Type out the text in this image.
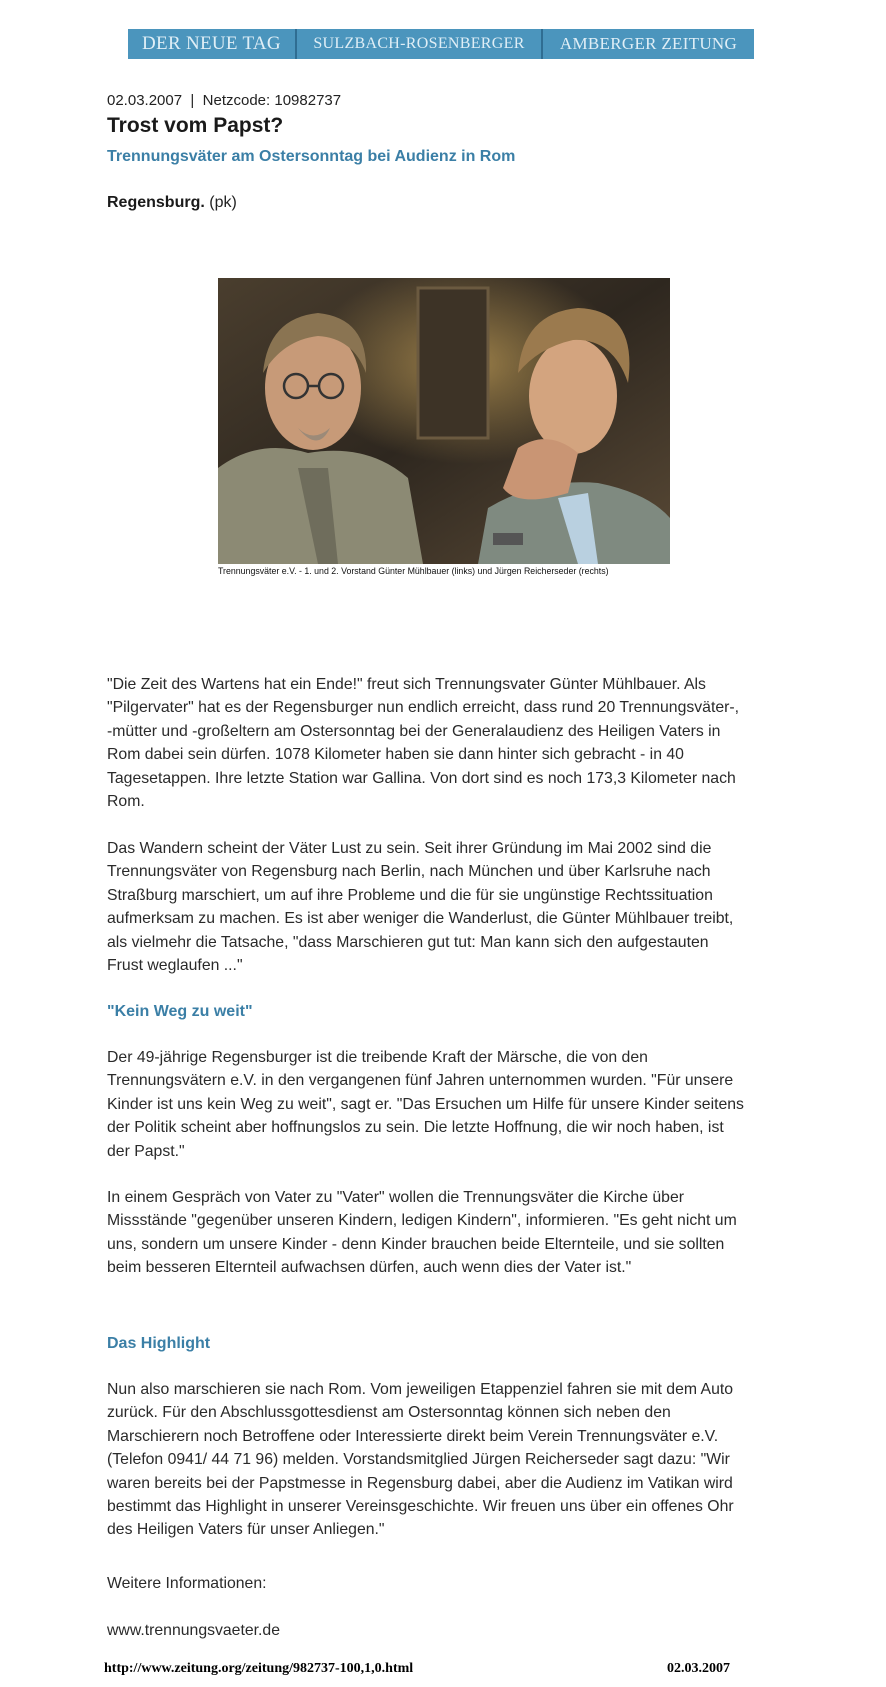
DER NEUE TAG	SULZBACH-ROSENBERGER	AMBERGER ZEITUNG
02.03.2007  |  Netzcode: 10982737
Trost vom Papst?
Trennungsväter am Ostersonntag bei Audienz in Rom
Regensburg. (pk)
Trennungsväter e.V. - 1. und 2. Vorstand Günter Mühlbauer (links) und Jürgen Reicherseder (rechts)

"Die Zeit des Wartens hat ein Ende!" freut sich Trennungsvater Günter Mühlbauer. Als "Pilgervater" hat es der Regensburger nun endlich erreicht, dass rund 20 Trennungsväter-, -mütter und -großeltern am Ostersonntag bei der Generalaudienz des Heiligen Vaters in Rom dabei sein dürfen. 1078 Kilometer haben sie dann hinter sich gebracht - in 40 Tagesetappen. Ihre letzte Station war Gallina. Von dort sind es noch 173,3 Kilometer nach Rom.

Das Wandern scheint der Väter Lust zu sein. Seit ihrer Gründung im Mai 2002 sind die Trennungsväter von Regensburg nach Berlin, nach München und über Karlsruhe nach Straßburg marschiert, um auf ihre Probleme und die für sie ungünstige Rechtssituation aufmerksam zu machen. Es ist aber weniger die Wanderlust, die Günter Mühlbauer treibt, als vielmehr die Tatsache, "dass Marschieren gut tut: Man kann sich den aufgestauten Frust weglaufen ..."

"Kein Weg zu weit"

Der 49-jährige Regensburger ist die treibende Kraft der Märsche, die von den Trennungsvätern e.V. in den vergangenen fünf Jahren unternommen wurden. "Für unsere Kinder ist uns kein Weg zu weit", sagt er. "Das Ersuchen um Hilfe für unsere Kinder seitens der Politik scheint aber hoffnungslos zu sein. Die letzte Hoffnung, die wir noch haben, ist der Papst."

In einem Gespräch von Vater zu "Vater" wollen die Trennungsväter die Kirche über Missstände "gegenüber unseren Kindern, ledigen Kindern", informieren. "Es geht nicht um uns, sondern um unsere Kinder - denn Kinder brauchen beide Elternteile, und sie sollten beim besseren Elternteil aufwachsen dürfen, auch wenn dies der Vater ist."

Das Highlight

Nun also marschieren sie nach Rom. Vom jeweiligen Etappenziel fahren sie mit dem Auto zurück. Für den Abschlussgottesdienst am Ostersonntag können sich neben den Marschierern noch Betroffene oder Interessierte direkt beim Verein Trennungsväter e.V. (Telefon 0941/ 44 71 96) melden. Vorstandsmitglied Jürgen Reicherseder sagt dazu: "Wir waren bereits bei der Papstmesse in Regensburg dabei, aber die Audienz im Vatikan wird bestimmt das Highlight in unserer Vereinsgeschichte. Wir freuen uns über ein offenes Ohr des Heiligen Vaters für unser Anliegen."

Weitere Informationen:

www.trennungsvaeter.de

http://www.zeitung.org/zeitung/982737-100,1,0.html	02.03.2007
